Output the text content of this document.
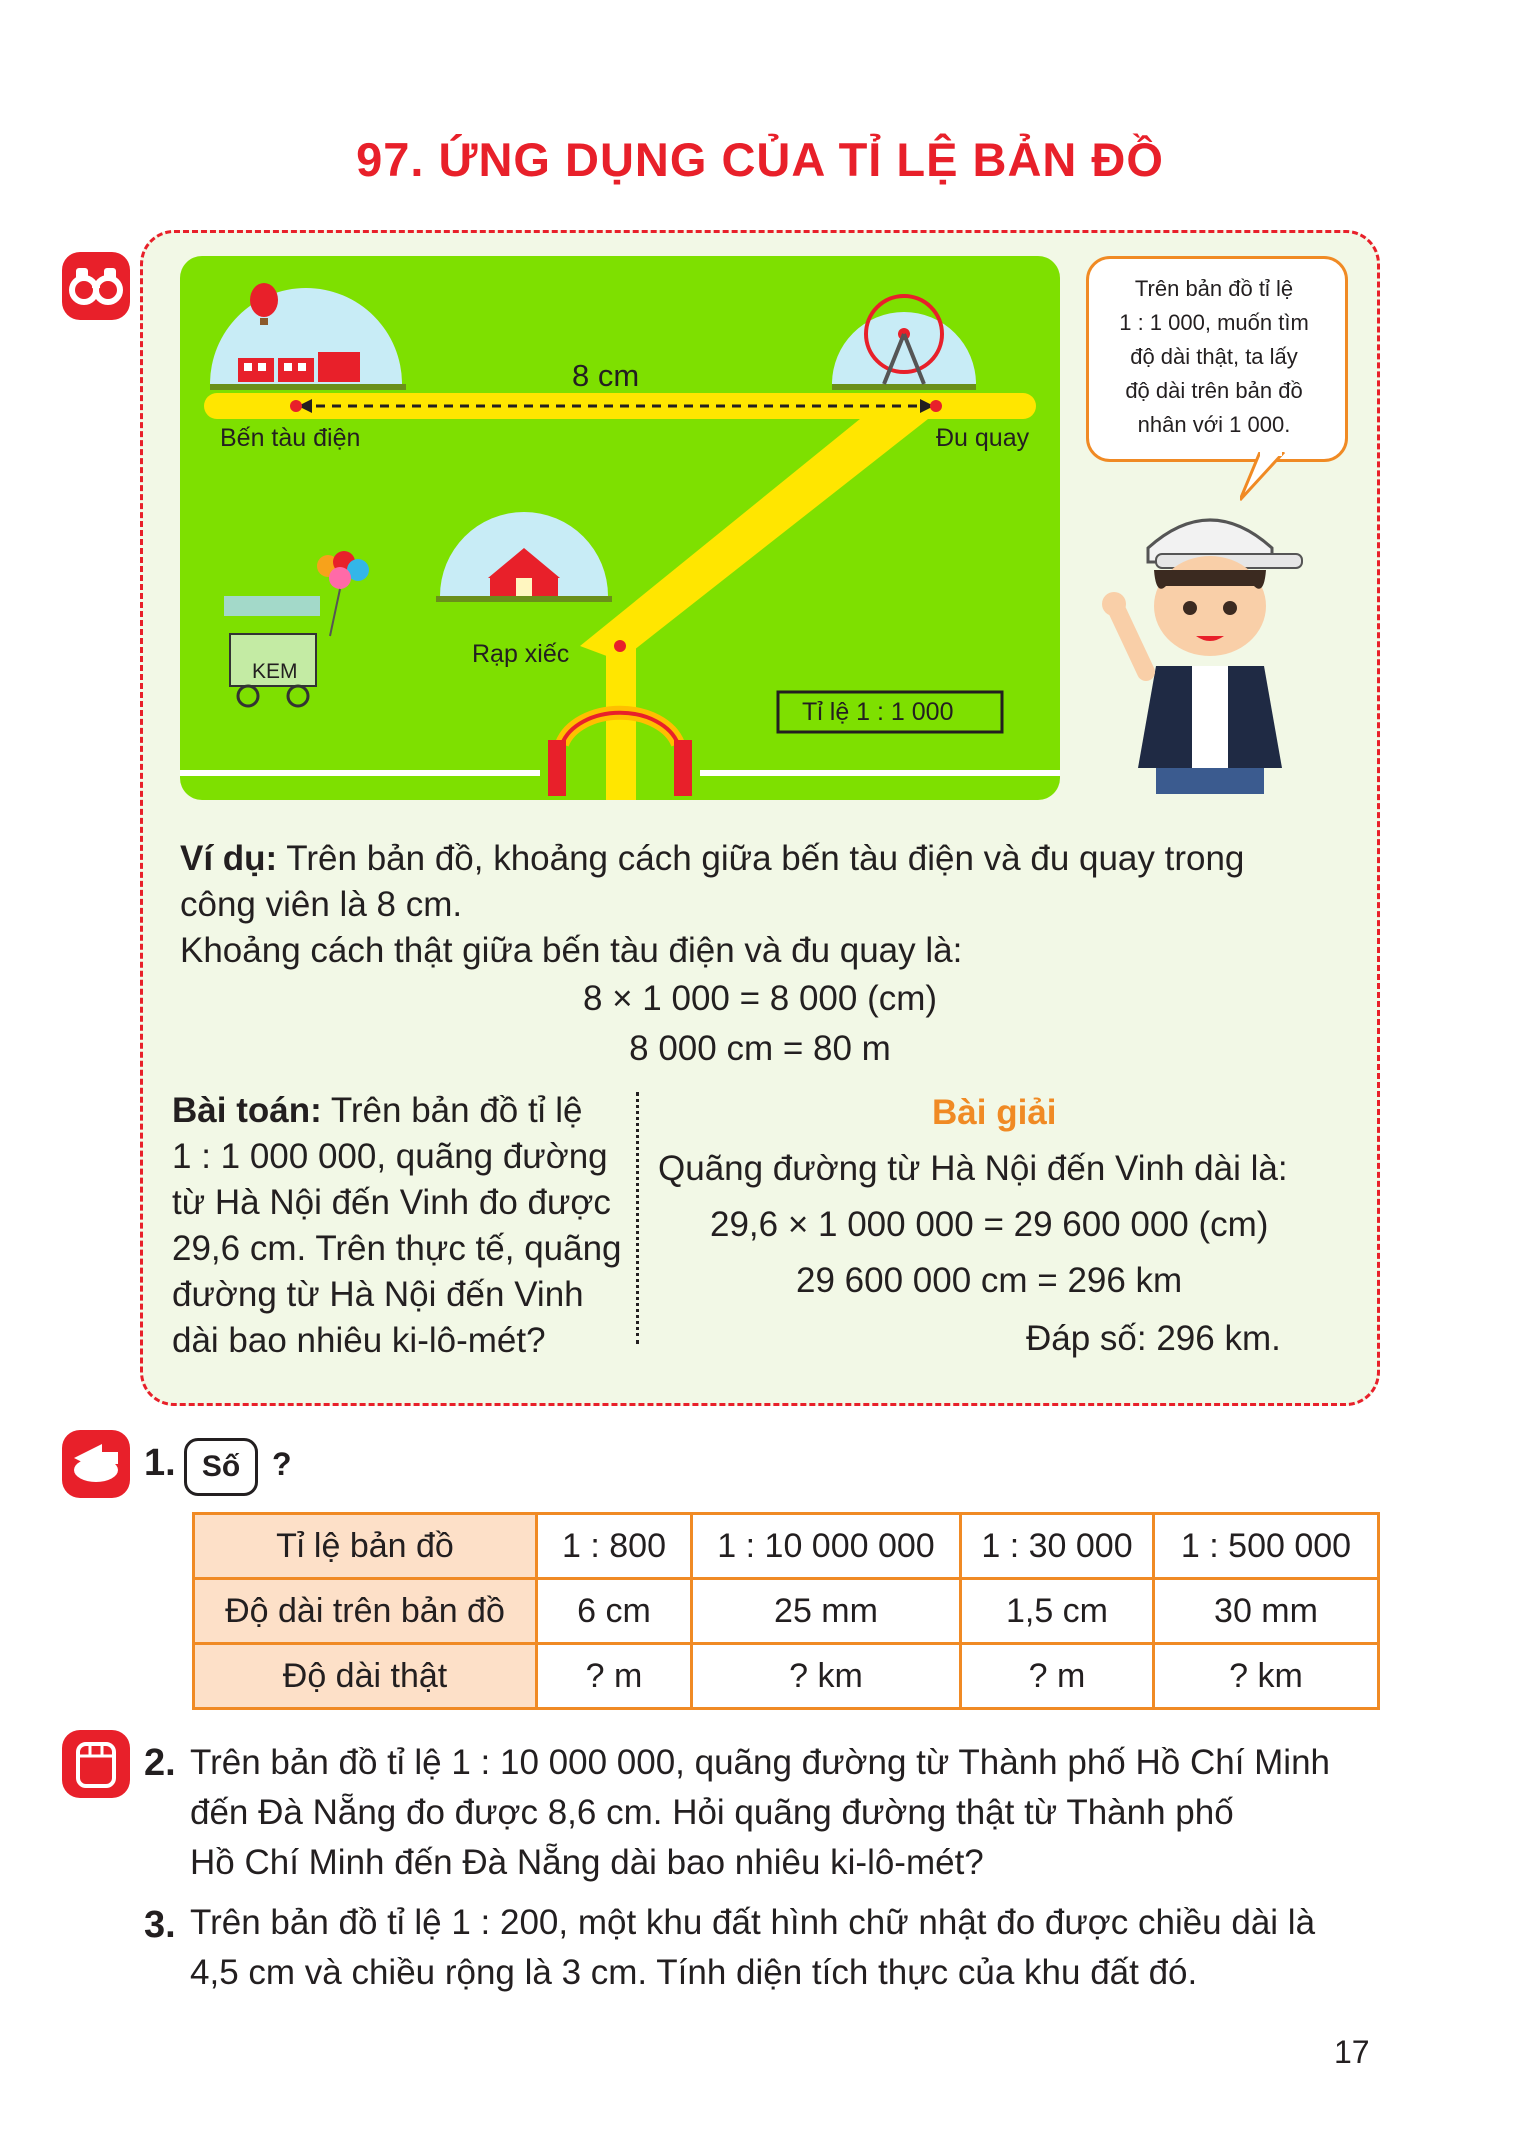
97. ỨNG DỤNG CỦA TỈ LỆ BẢN ĐỒ
8 cm
Bến tàu điện	Đu quay
Rạp xiếc
KEM
Tỉ lệ 1 : 1 000
Trên bản đồ tỉ lệ
1 : 1 000, muốn tìm
độ dài thật, ta lấy
độ dài trên bản đồ
nhân với 1 000.
Ví dụ: Trên bản đồ, khoảng cách giữa bến tàu điện và đu quay trong
công viên là 8 cm.
Khoảng cách thật giữa bến tàu điện và đu quay là:
8 × 1 000 = 8 000 (cm)
8 000 cm = 80 m
Bài toán: Trên bản đồ tỉ lệ
1 : 1 000 000, quãng đường
từ Hà Nội đến Vinh đo được
29,6 cm. Trên thực tế, quãng
đường từ Hà Nội đến Vinh
dài bao nhiêu ki-lô-mét?
Bài giải
Quãng đường từ Hà Nội đến Vinh dài là:
29,6 × 1 000 000 = 29 600 000 (cm)
29 600 000 cm = 296 km
Đáp số: 296 km.
1. Số ?
Tỉ lệ bản đồ	1 : 800	1 : 10 000 000	1 : 30 000	1 : 500 000
Độ dài trên bản đồ	6 cm	25 mm	1,5 cm	30 mm
Độ dài thật	? m	? km	? m	? km
2. Trên bản đồ tỉ lệ 1 : 10 000 000, quãng đường từ Thành phố Hồ Chí Minh
đến Đà Nẵng đo được 8,6 cm. Hỏi quãng đường thật từ Thành phố
Hồ Chí Minh đến Đà Nẵng dài bao nhiêu ki-lô-mét?
3. Trên bản đồ tỉ lệ 1 : 200, một khu đất hình chữ nhật đo được chiều dài là
4,5 cm và chiều rộng là 3 cm. Tính diện tích thực của khu đất đó.
17
